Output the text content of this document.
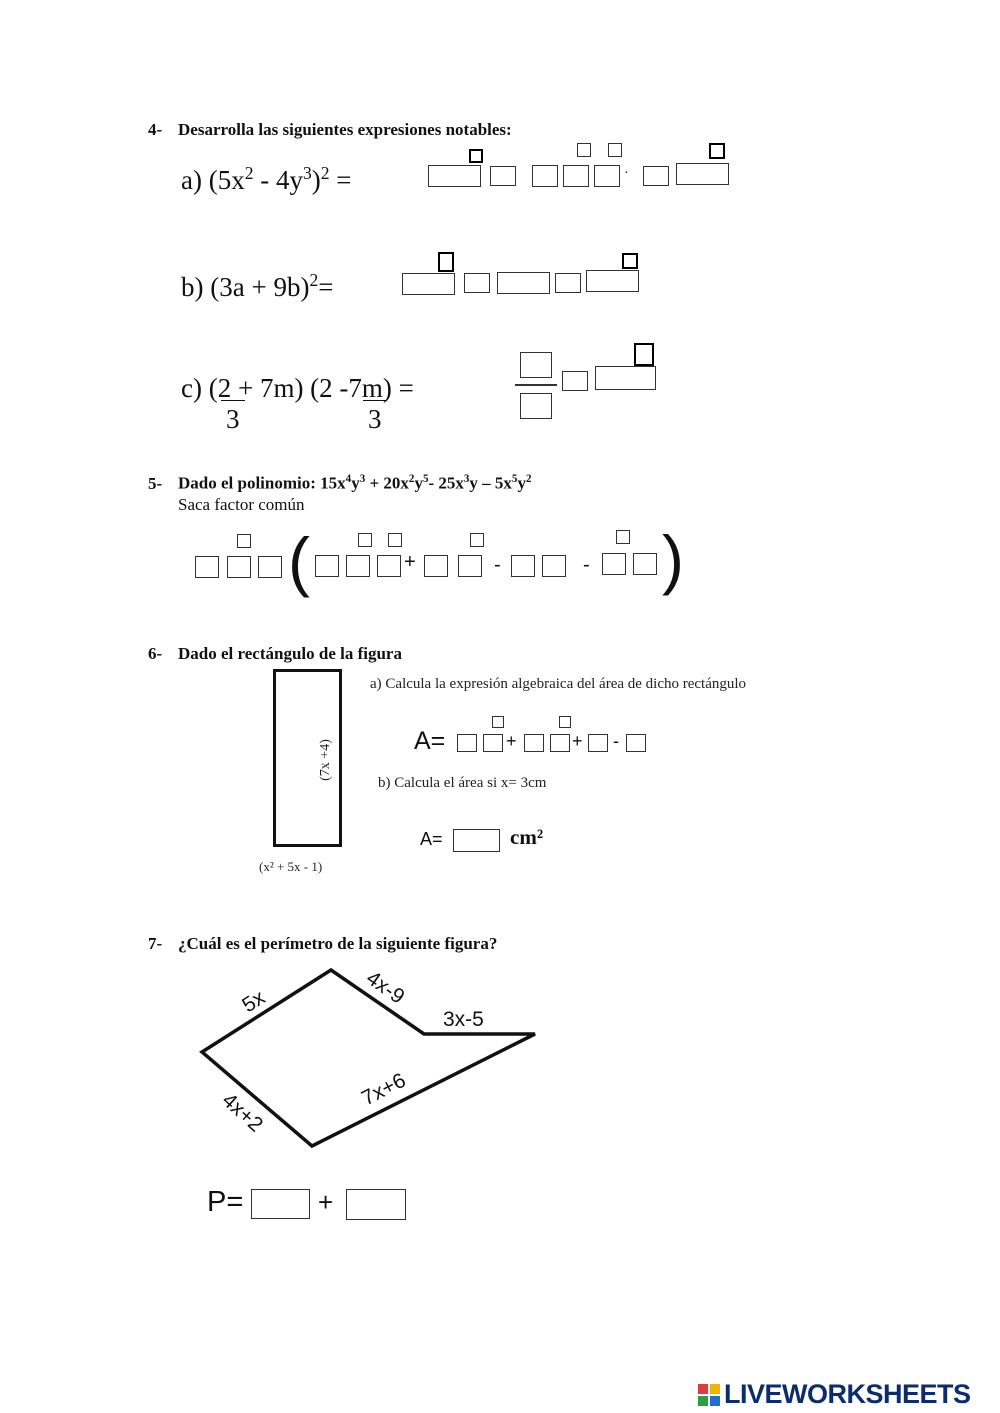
4- Desarrolla las siguientes expresiones notables:
a) $(5x^2 - 4y^3)^2$ =	·
b) $(3a + 9b)^2=$
c) (2 + 7m) (2 -7m) =
3	3
5- Dado el polinomio: $15x^4y^3 + 20x^2y^5-$ $25x^3y - 5x^5y^2$
Saca factor común
(	+	-	- )
6- Dado el rectángulo de la figura
(7x +4)
(x² + 5x - 1)
a) Calcula la expresión algebraica del área de dicho rectángulo
A=	+	+ -
b) Calcula el área si x= 3cm
A=	cm²
7- ¿Cuál es el perímetro de la siguiente figura?
5x	4x-9
3x-5
7x+6
4x+2
P=	+
LIVEWORKSHEETS
